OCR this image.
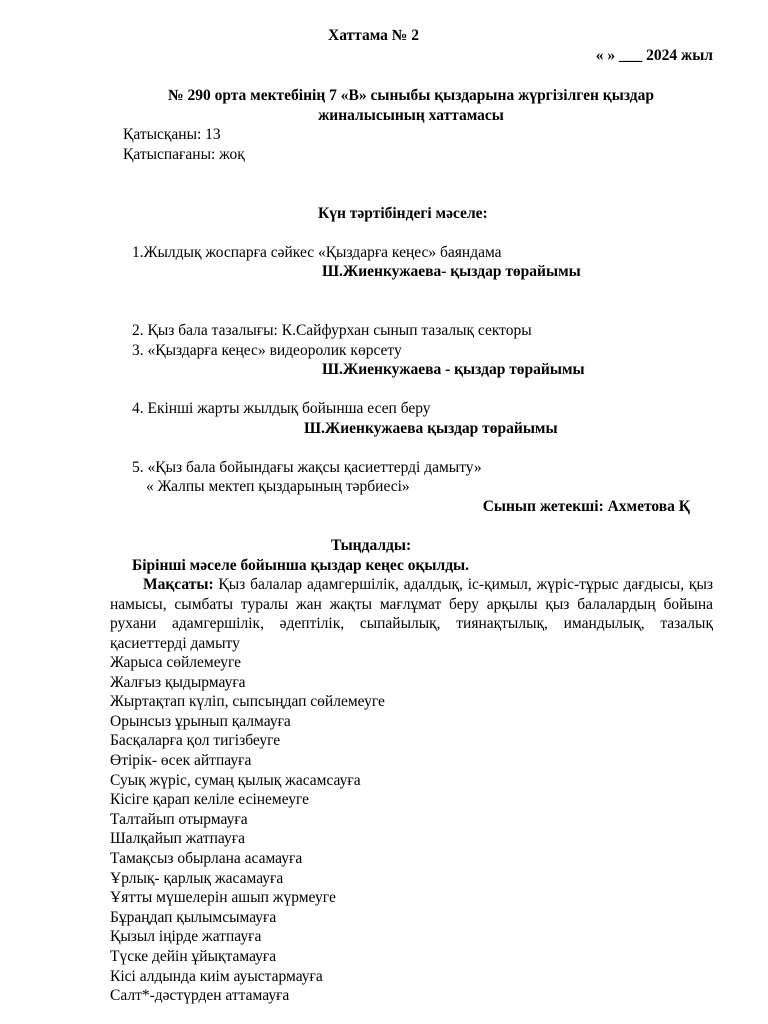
Хаттама № 2
« » ___ 2024 жыл
№ 290 орта мектебінің 7 «В» сыныбы қыздарына жүргізілген қыздар
жиналысының хаттамасы
Қатысқаны: 13
Қатыспағаны: жоқ
Күн тәртібіндегі мәселе:
1.Жылдық жоспарға сәйкес «Қыздарға кеңес» баяндама
Ш.Жиенкужаева- қыздар төрайымы
2. Қыз бала тазалығы: К.Сайфурхан сынып тазалық секторы
3. «Қыздарға кеңес» видеоролик көрсету
Ш.Жиенкужаева - қыздар төрайымы
4. Екінші жарты жылдық бойынша есеп беру
Ш.Жиенкужаева қыздар төрайымы
5. «Қыз бала бойындағы жақсы қасиеттерді дамыту»
« Жалпы мектеп қыздарының тәрбиесі»
Сынып жетекші: Ахметова Қ
Тыңдалды:
Бірінші мәселе бойынша қыздар кеңес оқылды.
Мақсаты: Қыз балалар адамгершілік, адалдық, іс-қимыл, жүріс-тұрыс дағдысы, қыз намысы, сымбаты туралы жан жақты мағлұмат беру арқылы қыз балалардың бойына рухани адамгершілік, әдептілік, сыпайылық, тиянақтылық, имандылық, тазалық қасиеттерді дамыту
Жарыса сөйлемеуге
Жалғыз қыдырмауға
Жыртақтап күліп, сыпсыңдап сөйлемеуге
Орынсыз ұрынып қалмауға
Басқаларға қол тигізбеуге
Өтірік- өсек айтпауға
Суық жүріс, сумаң қылық жасамсауға
Кісіге қарап келіле есінемеуге
Талтайып отырмауға
Шалқайып жатпауға
Тамақсыз обырлана асамауға
Ұрлық- қарлық жасамауға
Ұятты мүшелерін ашып жүрмеуге
Бұраңдап қылымсымауға
Қызыл іңірде жатпауға
Түске дейін ұйықтамауға
Кісі алдында киім ауыстармауға
Салт*-дәстүрден аттамауға
